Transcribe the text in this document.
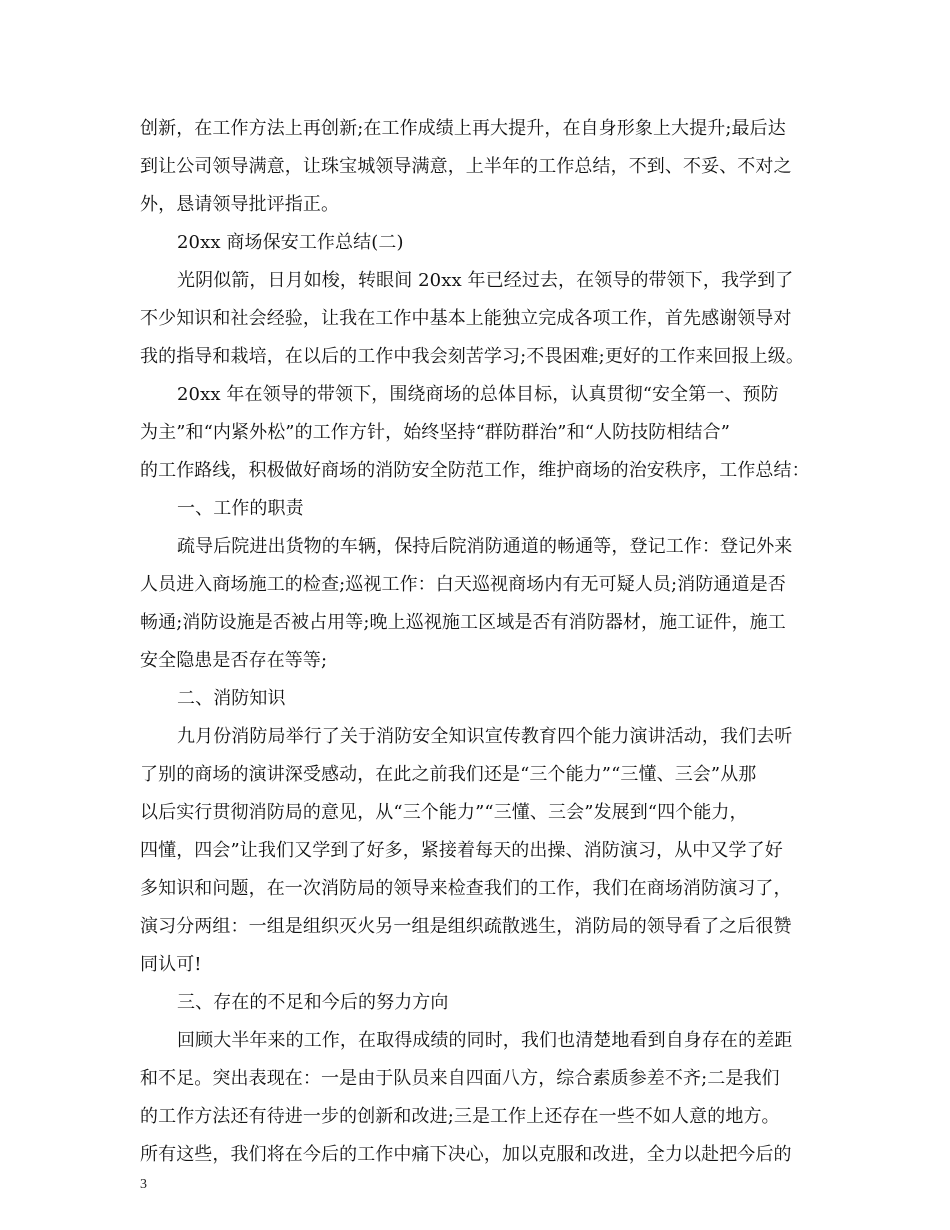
创新，在工作方法上再创新;在工作成绩上再大提升，在自身形象上大提升;最后达
到让公司领导满意，让珠宝城领导满意，上半年的工作总结，不到、不妥、不对之
外，恳请领导批评指正。
20xx 商场保安工作总结(二)
光阴似箭，日月如梭，转眼间 20xx 年已经过去，在领导的带领下，我学到了
不少知识和社会经验，让我在工作中基本上能独立完成各项工作，首先感谢领导对
我的指导和栽培，在以后的工作中我会刻苦学习;不畏困难;更好的工作来回报上级。
20xx 年在领导的带领下，围绕商场的总体目标，认真贯彻“安全第一、预防
为主”和“内紧外松”的工作方针，始终坚持“群防群治”和“人防技防相结合”
的工作路线，积极做好商场的消防安全防范工作，维护商场的治安秩序，工作总结：
一、工作的职责
疏导后院进出货物的车辆，保持后院消防通道的畅通等，登记工作：登记外来
人员进入商场施工的检查;巡视工作：白天巡视商场内有无可疑人员;消防通道是否
畅通;消防设施是否被占用等;晚上巡视施工区域是否有消防器材，施工证件，施工
安全隐患是否存在等等;
二、消防知识
九月份消防局举行了关于消防安全知识宣传教育四个能力演讲活动，我们去听
了别的商场的演讲深受感动，在此之前我们还是“三个能力”“三懂、三会”从那
以后实行贯彻消防局的意见，从“三个能力”“三懂、三会”发展到“四个能力，
四懂，四会”让我们又学到了好多，紧接着每天的出操、消防演习，从中又学了好
多知识和问题，在一次消防局的领导来检查我们的工作，我们在商场消防演习了，
演习分两组：一组是组织灭火另一组是组织疏散逃生，消防局的领导看了之后很赞
同认可!
三、存在的不足和今后的努力方向
回顾大半年来的工作，在取得成绩的同时，我们也清楚地看到自身存在的差距
和不足。突出表现在：一是由于队员来自四面八方，综合素质参差不齐;二是我们
的工作方法还有待进一步的创新和改进;三是工作上还存在一些不如人意的地方。
所有这些，我们将在今后的工作中痛下决心，加以克服和改进，全力以赴把今后的
3
